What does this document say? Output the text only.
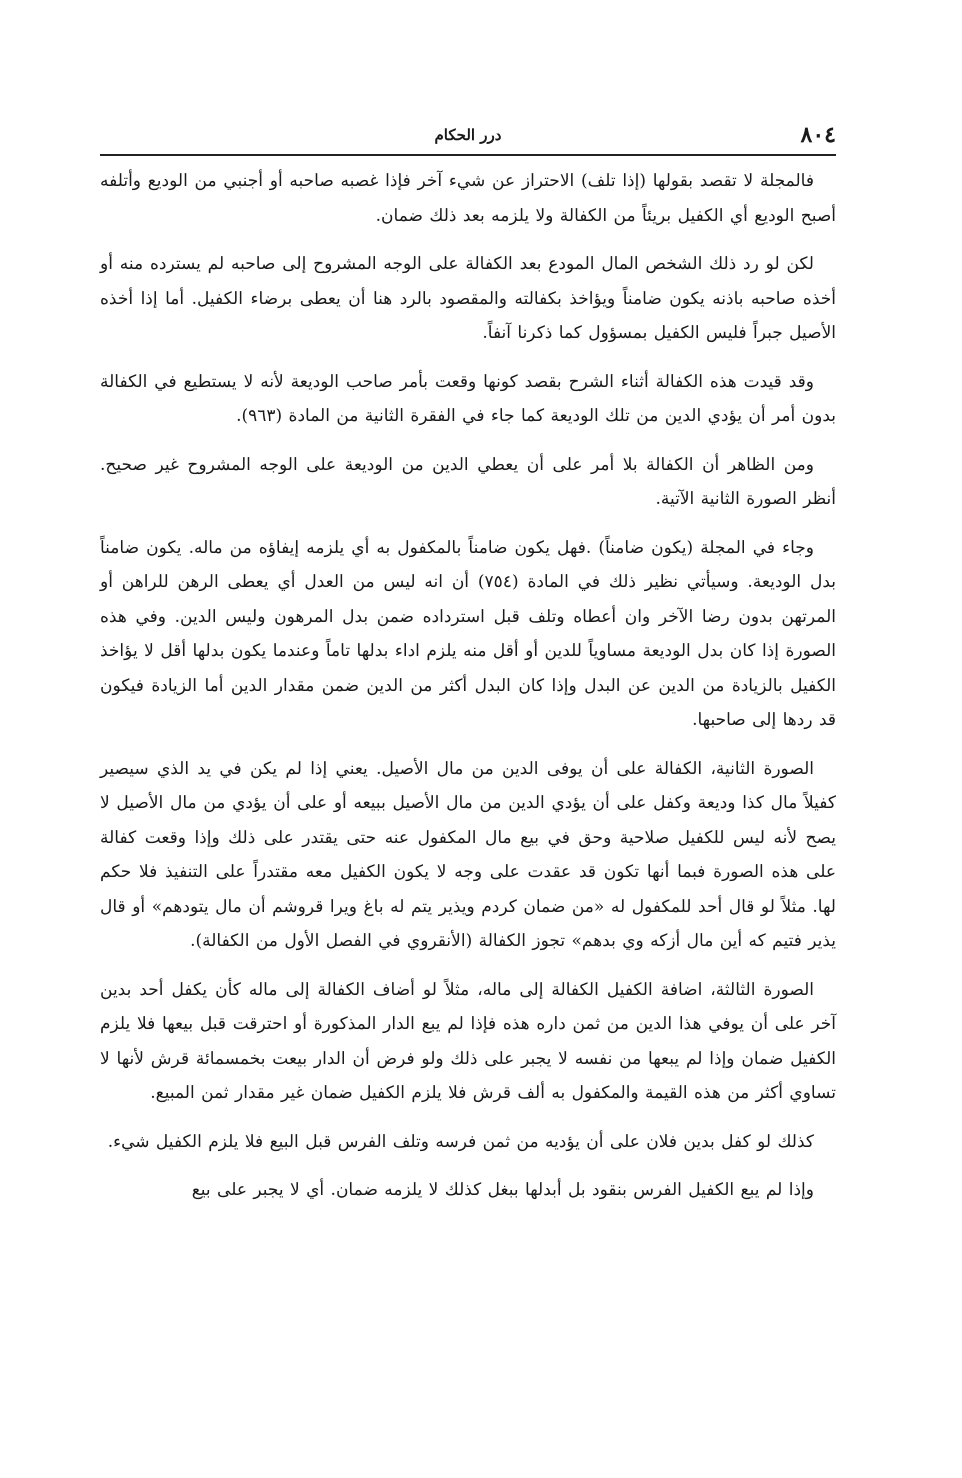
٨٠٤
درر الحكام

فالمجلة لا تقصد بقولها (إذا تلف) الاحتراز عن شيء آخر فإذا غصبه صاحبه أو أجنبي من الوديع وأتلفه أصبح الوديع أي الكفيل بريئاً من الكفالة ولا يلزمه بعد ذلك ضمان.

لكن لو رد ذلك الشخص المال المودع بعد الكفالة على الوجه المشروح إلى صاحبه لم يسترده منه أو أخذه صاحبه باذنه يكون ضامناً ويؤاخذ بكفالته والمقصود بالرد هنا أن يعطى برضاء الكفيل. أما إذا أخذه الأصيل جبراً فليس الكفيل بمسؤول كما ذكرنا آنفاً.

وقد قيدت هذه الكفالة أثناء الشرح بقصد كونها وقعت بأمر صاحب الوديعة لأنه لا يستطيع في الكفالة بدون أمر أن يؤدي الدين من تلك الوديعة كما جاء في الفقرة الثانية من المادة (٩٦٣).

ومن الظاهر أن الكفالة بلا أمر على أن يعطي الدين من الوديعة على الوجه المشروح غير صحيح. أنظر الصورة الثانية الآتية.

وجاء في المجلة (يكون ضامناً) .فهل يكون ضامناً بالمكفول به أي يلزمه إيفاؤه من ماله. يكون ضامناً بدل الوديعة. وسيأتي نظير ذلك في المادة (٧٥٤) أن انه ليس من العدل أي يعطى الرهن للراهن أو المرتهن بدون رضا الآخر وان أعطاه وتلف قبل استرداده ضمن بدل المرهون وليس الدين. وفي هذه الصورة إذا كان بدل الوديعة مساوياً للدين أو أقل منه يلزم اداء بدلها تاماً وعندما يكون بدلها أقل لا يؤاخذ الكفيل بالزيادة من الدين عن البدل وإذا كان البدل أكثر من الدين ضمن مقدار الدين أما الزيادة فيكون قد ردها إلى صاحبها.

الصورة الثانية، الكفالة على أن يوفى الدين من مال الأصيل. يعني إذا لم يكن في يد الذي سيصير كفيلاً مال كذا وديعة وكفل على أن يؤدي الدين من مال الأصيل ببيعه أو على أن يؤدي من مال الأصيل لا يصح لأنه ليس للكفيل صلاحية وحق في بيع مال المكفول عنه حتى يقتدر على ذلك وإذا وقعت كفالة على هذه الصورة فبما أنها تكون قد عقدت على وجه لا يكون الكفيل معه مقتدراً على التنفيذ فلا حكم لها. مثلاً لو قال أحد للمكفول له «من ضمان كردم ويذير يتم له باغ ويرا قروشم أن مال يتودهم» أو قال يذير فتيم كه أين مال أزكه وي بدهم» تجوز الكفالة (الأنقروي في الفصل الأول من الكفالة).

الصورة الثالثة، اضافة الكفيل الكفالة إلى ماله، مثلاً لو أضاف الكفالة إلى ماله كأن يكفل أحد بدين آخر على أن يوفي هذا الدين من ثمن داره هذه فإذا لم يبع الدار المذكورة أو احترقت قبل بيعها فلا يلزم الكفيل ضمان وإذا لم يبعها من نفسه لا يجبر على ذلك ولو فرض أن الدار بيعت بخمسمائة قرش لأنها لا تساوي أكثر من هذه القيمة والمكفول به ألف قرش فلا يلزم الكفيل ضمان غير مقدار ثمن المبيع.

كذلك لو كفل بدين فلان على أن يؤديه من ثمن فرسه وتلف الفرس قبل البيع فلا يلزم الكفيل شيء.

وإذا لم يبع الكفيل الفرس بنقود بل أبدلها ببغل كذلك لا يلزمه ضمان. أي لا يجبر على بيع
